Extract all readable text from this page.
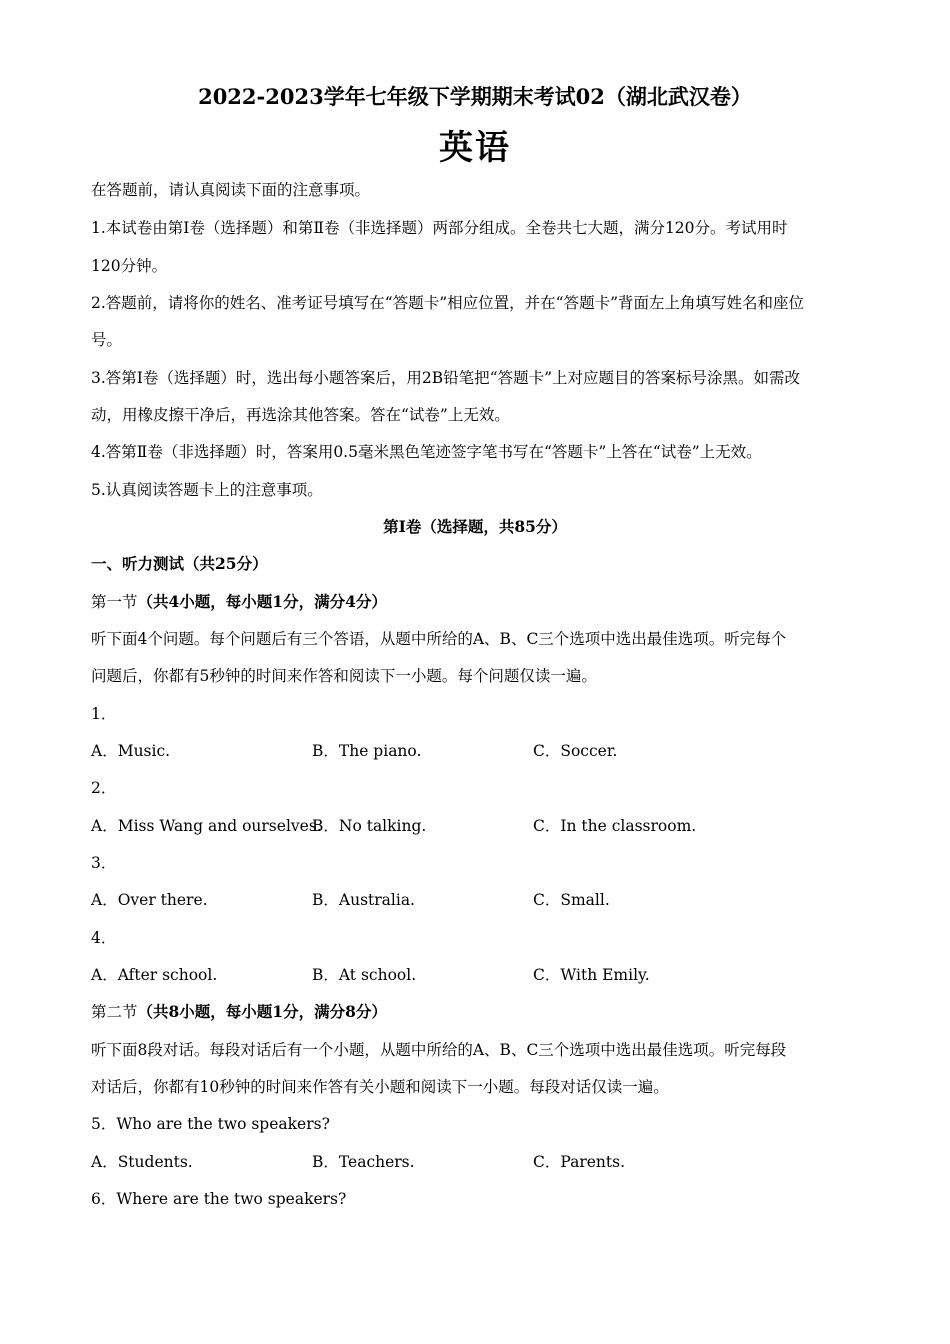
2022-2023学年七年级下学期期末考试02（湖北武汉卷）
英语
在答题前，请认真阅读下面的注意事项。
1.本试卷由第Ⅰ卷（选择题）和第Ⅱ卷（非选择题）两部分组成。全卷共七大题，满分120分。考试用时
120分钟。
2.答题前，请将你的姓名、准考证号填写在“答题卡”相应位置，并在“答题卡”背面左上角填写姓名和座位
号。
3.答第Ⅰ卷（选择题）时，选出每小题答案后，用2B铅笔把“答题卡”上对应题目的答案标号涂黑。如需改
动，用橡皮擦干净后，再选涂其他答案。答在“试卷”上无效。
4.答第Ⅱ卷（非选择题）时，答案用0.5毫米黑色笔迹签字笔书写在“答题卡”上答在“试卷”上无效。
5.认真阅读答题卡上的注意事项。
第Ⅰ卷（选择题，共85分）
一、听力测试（共25分）
第一节（共4小题，每小题1分，满分4分）
听下面4个问题。每个问题后有三个答语，从题中所给的A、B、C三个选项中选出最佳选项。听完每个
问题后，你都有5秒钟的时间来作答和阅读下一小题。每个问题仅读一遍。
1．
A．Music.	B．The piano.	C．Soccer.
2．
A．Miss Wang and ourselves.
B．No talking.	C．In the classroom.
3．
A．Over there.	B．Australia.	C．Small.
4．
A．After school.	B．At school.	C．With Emily.
第二节（共8小题，每小题1分，满分8分）
听下面8段对话。每段对话后有一个小题，从题中所给的A、B、C三个选项中选出最佳选项。听完每段
对话后，你都有10秒钟的时间来作答有关小题和阅读下一小题。每段对话仅读一遍。
5．Who are the two speakers?
A．Students.	B．Teachers.	C．Parents.
6．Where are the two speakers?
